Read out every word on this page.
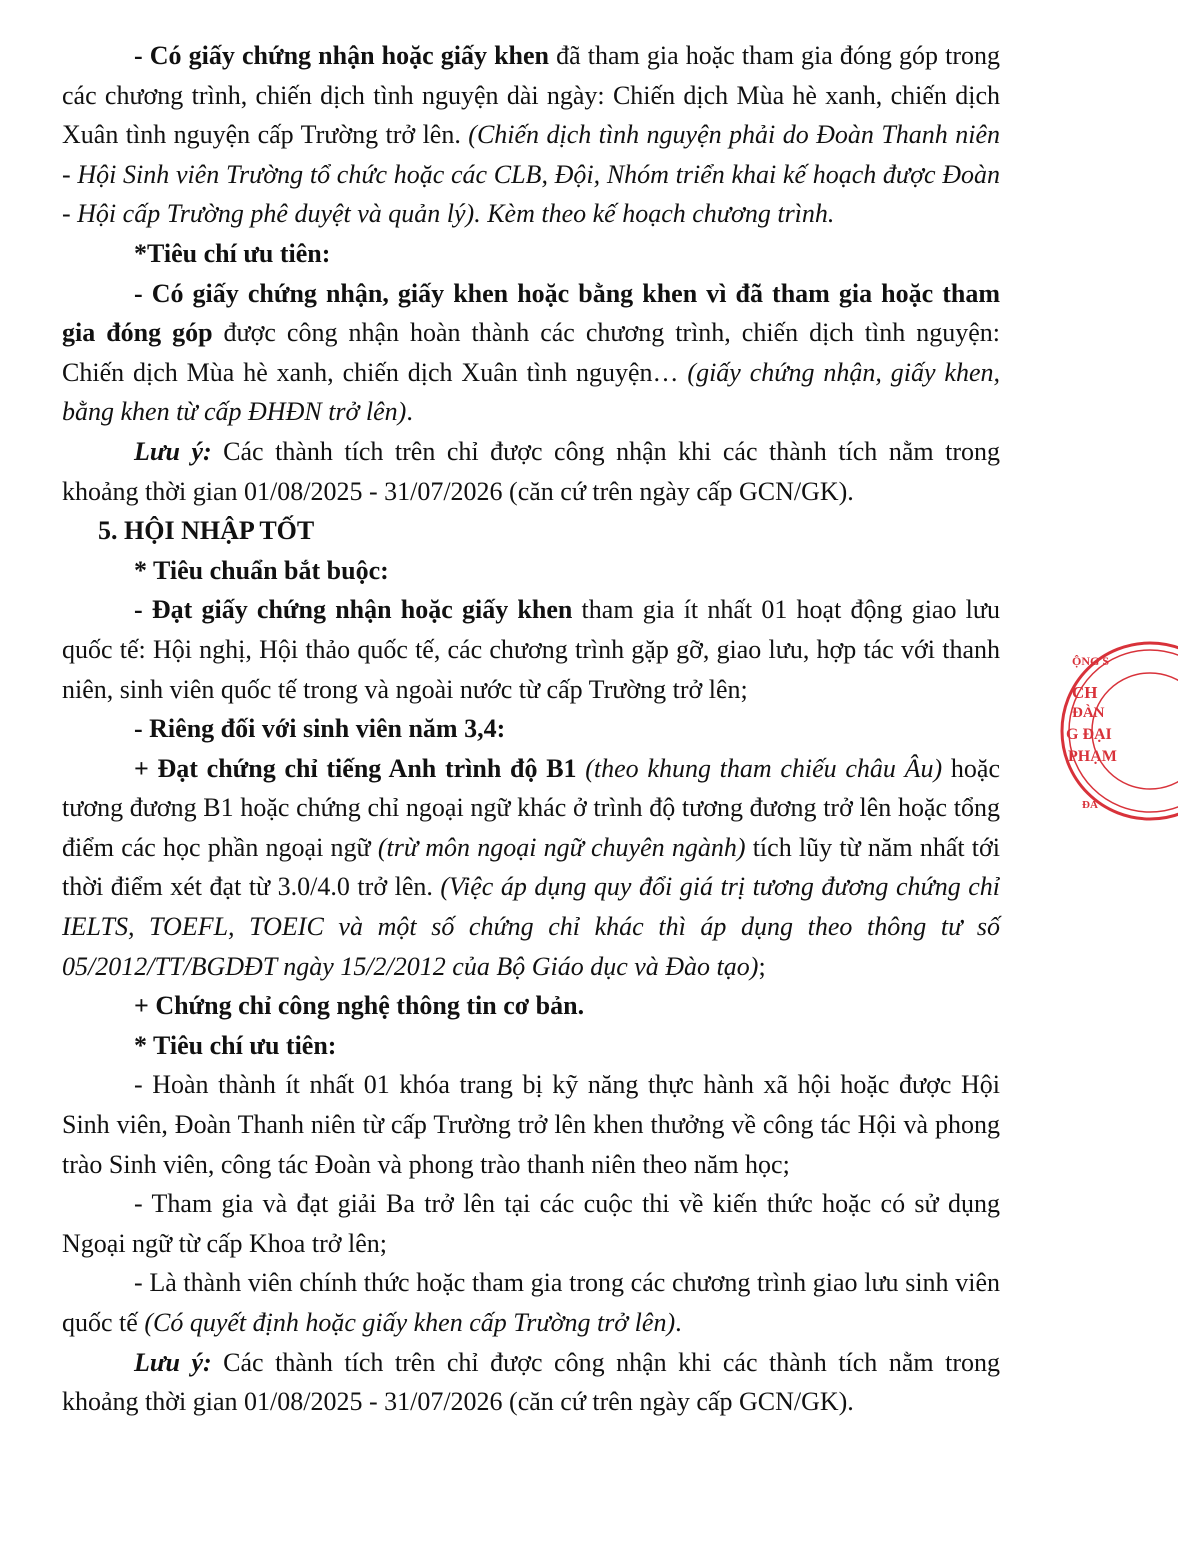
- Có giấy chứng nhận hoặc giấy khen đã tham gia hoặc tham gia đóng góp trong các chương trình, chiến dịch tình nguyện dài ngày: Chiến dịch Mùa hè xanh, chiến dịch Xuân tình nguyện cấp Trường trở lên. (Chiến dịch tình nguyện phải do Đoàn Thanh niên - Hội Sinh viên Trường tổ chức hoặc các CLB, Đội, Nhóm triển khai kế hoạch được Đoàn - Hội cấp Trường phê duyệt và quản lý). Kèm theo kế hoạch chương trình.

*Tiêu chí ưu tiên:

- Có giấy chứng nhận, giấy khen hoặc bằng khen vì đã tham gia hoặc tham gia đóng góp được công nhận hoàn thành các chương trình, chiến dịch tình nguyện: Chiến dịch Mùa hè xanh, chiến dịch Xuân tình nguyện… (giấy chứng nhận, giấy khen, bằng khen từ cấp ĐHĐN trở lên).

Lưu ý: Các thành tích trên chỉ được công nhận khi các thành tích nằm trong khoảng thời gian 01/08/2025 - 31/07/2026 (căn cứ trên ngày cấp GCN/GK).

5. HỘI NHẬP TỐT

* Tiêu chuẩn bắt buộc:

- Đạt giấy chứng nhận hoặc giấy khen tham gia ít nhất 01 hoạt động giao lưu quốc tế: Hội nghị, Hội thảo quốc tế, các chương trình gặp gỡ, giao lưu, hợp tác với thanh niên, sinh viên quốc tế trong và ngoài nước từ cấp Trường trở lên;

- Riêng đối với sinh viên năm 3,4:

+ Đạt chứng chỉ tiếng Anh trình độ B1 (theo khung tham chiếu châu Âu) hoặc tương đương B1 hoặc chứng chỉ ngoại ngữ khác ở trình độ tương đương trở lên hoặc tổng điểm các học phần ngoại ngữ (trừ môn ngoại ngữ chuyên ngành) tích lũy từ năm nhất tới thời điểm xét đạt từ 3.0/4.0 trở lên. (Việc áp dụng quy đổi giá trị tương đương chứng chỉ IELTS, TOEFL, TOEIC và một số chứng chỉ khác thì áp dụng theo thông tư số 05/2012/TT/BGDĐT ngày 15/2/2012 của Bộ Giáo dục và Đào tạo);

+ Chứng chỉ công nghệ thông tin cơ bản.

* Tiêu chí ưu tiên:

- Hoàn thành ít nhất 01 khóa trang bị kỹ năng thực hành xã hội hoặc được Hội Sinh viên, Đoàn Thanh niên từ cấp Trường trở lên khen thưởng về công tác Hội và phong trào Sinh viên, công tác Đoàn và phong trào thanh niên theo năm học;

- Tham gia và đạt giải Ba trở lên tại các cuộc thi về kiến thức hoặc có sử dụng Ngoại ngữ từ cấp Khoa trở lên;

- Là thành viên chính thức hoặc tham gia trong các chương trình giao lưu sinh viên quốc tế (Có quyết định hoặc giấy khen cấp Trường trở lên).

Lưu ý: Các thành tích trên chỉ được công nhận khi các thành tích nằm trong khoảng thời gian 01/08/2025 - 31/07/2026 (căn cứ trên ngày cấp GCN/GK).

ỘNG S
CH
ĐÀN
G ĐẠI
PHẠM
ĐÀ
